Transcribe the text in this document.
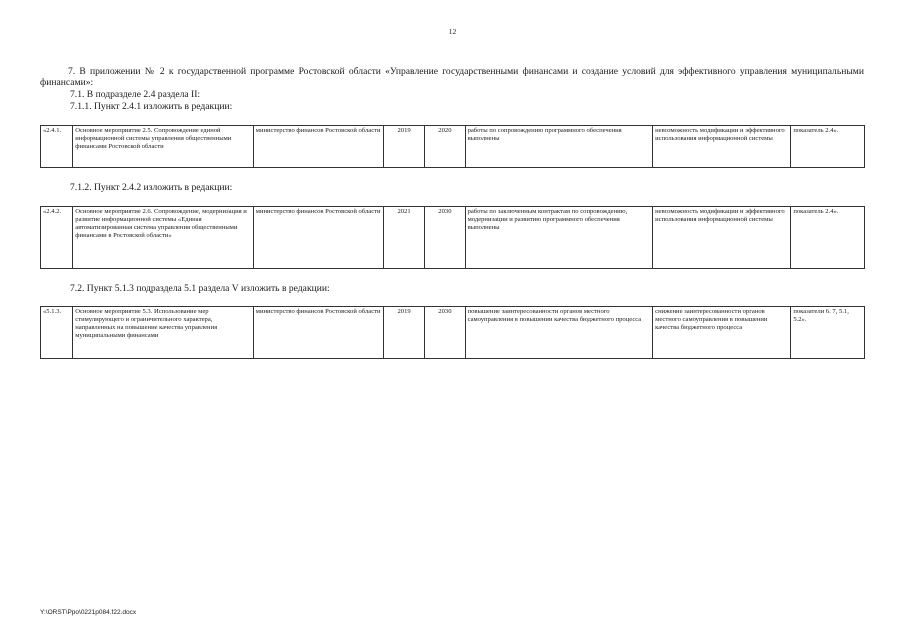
12
7. В приложении № 2 к государственной программе Ростовской области «Управление государственными финансами и создание условий для эффективного управления муниципальными финансами»:
7.1. В подразделе 2.4 раздела II:
7.1.1. Пункт 2.4.1 изложить в редакции:
«2.4.1.	Основное мероприятие 2.5. Сопровождение единой информационной системы управления общественными финансами Ростовской области	министерство финансов Ростовской области	2019	2020	работы по сопровождению программного обеспечения выполнены	невозможность модификации и эффективного использования информационной системы	показатель 2.4».
7.1.2. Пункт 2.4.2 изложить в редакции:
«2.4.2.	Основное мероприятие 2.6. Сопровождение, модернизация и развитие информационной системы «Единая автоматизированная система управления общественными финансами в Ростовской области»	министерство финансов Ростовской области	2021	2030	работы по заключенным контрактам по сопровождению, модернизации и развитию программного обеспечения выполнены	невозможность модификации и эффективного использования информационной системы	показатель 2.4».
7.2. Пункт 5.1.3 подраздела 5.1 раздела V изложить в редакции:
«5.1.3.	Основное мероприятие 5.3. Использование мер стимулирующего и ограничительного характера, направленных на повышение качества управления муниципальными финансами	министерство финансов Ростовской области	2019	2030	повышение заинтересованности органов местного самоуправления в повышении качества бюджетного процесса	снижение заинтересованности органов местного самоуправления в повышении качества бюджетного процесса	показатели 6. 7, 5.1, 5.2».
Y:\ORST\Ppo\0221p084.f22.docx
